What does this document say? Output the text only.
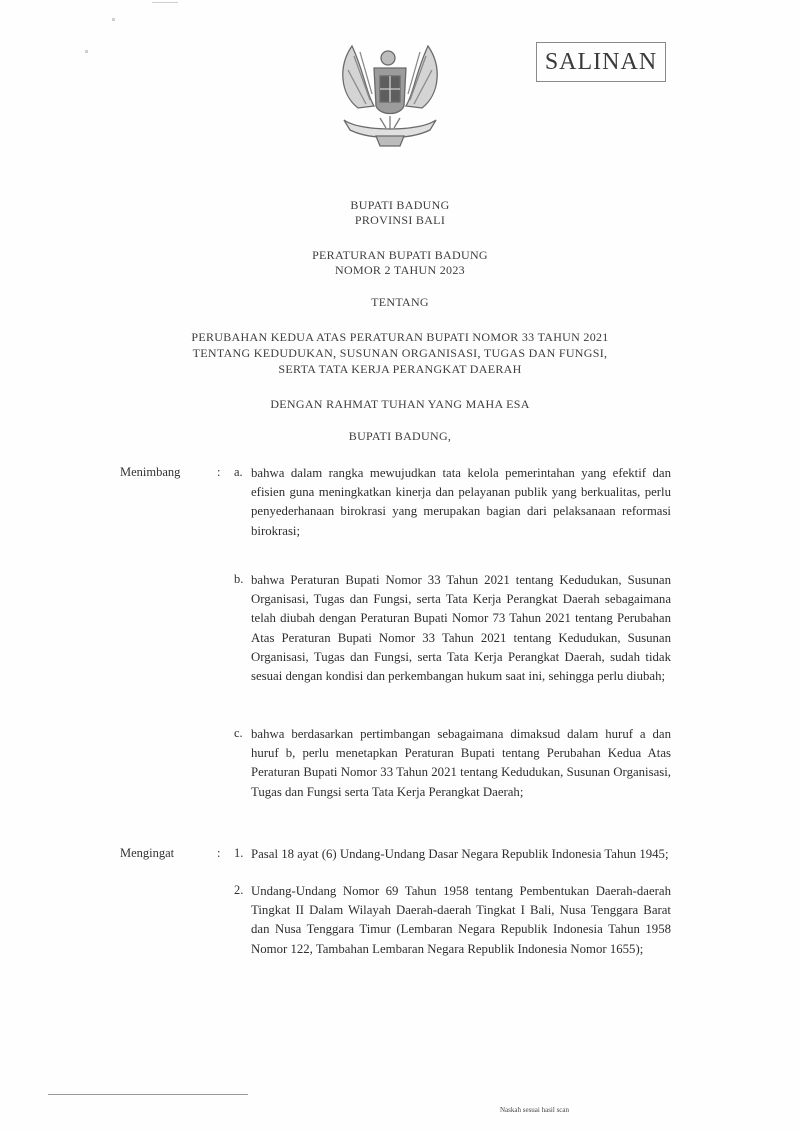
SALINAN
BUPATI BADUNG
PROVINSI BALI
PERATURAN BUPATI BADUNG
NOMOR 2 TAHUN 2023
TENTANG
PERUBAHAN KEDUA ATAS PERATURAN BUPATI NOMOR 33 TAHUN 2021
TENTANG KEDUDUKAN, SUSUNAN ORGANISASI, TUGAS DAN FUNGSI,
SERTA TATA KERJA PERANGKAT DAERAH
DENGAN RAHMAT TUHAN YANG MAHA ESA
BUPATI BADUNG,
Menimbang	: a. bahwa dalam rangka mewujudkan tata kelola pemerintahan yang efektif dan efisien guna meningkatkan kinerja dan pelayanan publik yang berkualitas, perlu penyederhanaan birokrasi yang merupakan bagian dari pelaksanaan reformasi birokrasi;
b. bahwa Peraturan Bupati Nomor 33 Tahun 2021 tentang Kedudukan, Susunan Organisasi, Tugas dan Fungsi, serta Tata Kerja Perangkat Daerah sebagaimana telah diubah dengan Peraturan Bupati Nomor 73 Tahun 2021 tentang Perubahan Atas Peraturan Bupati Nomor 33 Tahun 2021 tentang Kedudukan, Susunan Organisasi, Tugas dan Fungsi, serta Tata Kerja Perangkat Daerah, sudah tidak sesuai dengan kondisi dan perkembangan hukum saat ini, sehingga perlu diubah;
c. bahwa berdasarkan pertimbangan sebagaimana dimaksud dalam huruf a dan huruf b, perlu menetapkan Peraturan Bupati tentang Perubahan Kedua Atas Peraturan Bupati Nomor 33 Tahun 2021 tentang Kedudukan, Susunan Organisasi, Tugas dan Fungsi serta Tata Kerja Perangkat Daerah;
Mengingat	: 1. Pasal 18 ayat (6) Undang-Undang Dasar Negara Republik Indonesia Tahun 1945;
2. Undang-Undang Nomor 69 Tahun 1958 tentang Pembentukan Daerah-daerah Tingkat II Dalam Wilayah Daerah-daerah Tingkat I Bali, Nusa Tenggara Barat dan Nusa Tenggara Timur (Lembaran Negara Republik Indonesia Tahun 1958 Nomor 122, Tambahan Lembaran Negara Republik Indonesia Nomor 1655);
Naskah sesuai hasil scan
